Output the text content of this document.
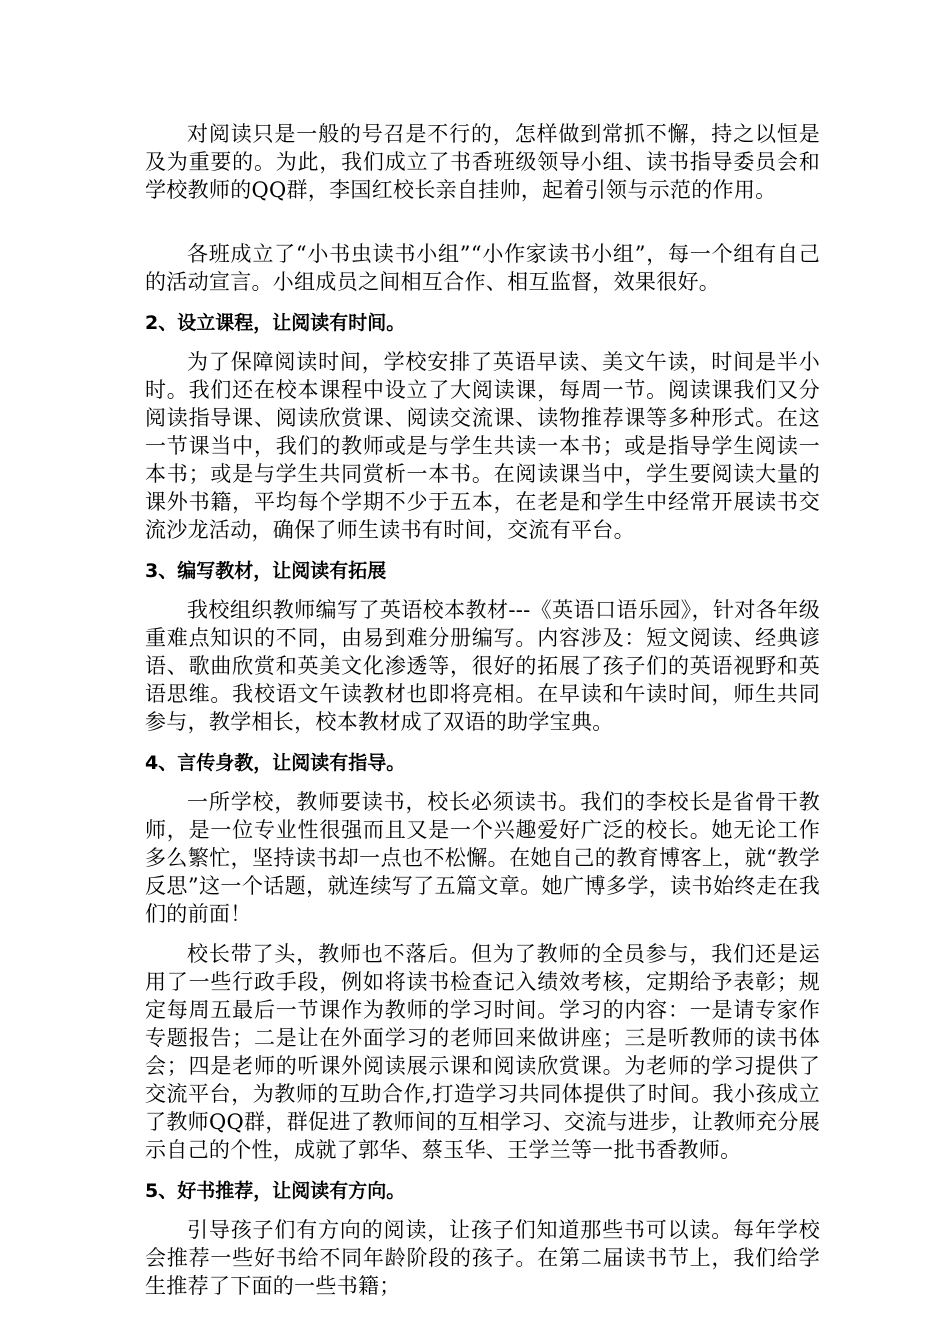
对阅读只是一般的号召是不行的，怎样做到常抓不懈，持之以恒是及为重要的。为此，我们成立了书香班级领导小组、读书指导委员会和学校教师的QQ群，李国红校长亲自挂帅，起着引领与示范的作用。

各班成立了“小书虫读书小组”“小作家读书小组”，每一个组有自己的活动宣言。小组成员之间相互合作、相互监督，效果很好。

2、设立课程，让阅读有时间。

为了保障阅读时间，学校安排了英语早读、美文午读，时间是半小时。我们还在校本课程中设立了大阅读课，每周一节。阅读课我们又分阅读指导课、阅读欣赏课、阅读交流课、读物推荐课等多种形式。在这一节课当中，我们的教师或是与学生共读一本书；或是指导学生阅读一本书；或是与学生共同赏析一本书。在阅读课当中，学生要阅读大量的课外书籍，平均每个学期不少于五本，在老是和学生中经常开展读书交流沙龙活动，确保了师生读书有时间，交流有平台。

3、编写教材，让阅读有拓展

我校组织教师编写了英语校本教材---《英语口语乐园》，针对各年级重难点知识的不同，由易到难分册编写。内容涉及：短文阅读、经典谚语、歌曲欣赏和英美文化渗透等，很好的拓展了孩子们的英语视野和英语思维。我校语文午读教材也即将亮相。在早读和午读时间，师生共同参与，教学相长，校本教材成了双语的助学宝典。

4、言传身教，让阅读有指导。

一所学校，教师要读书，校长必须读书。我们的李校长是省骨干教师，是一位专业性很强而且又是一个兴趣爱好广泛的校长。她无论工作多么繁忙，坚持读书却一点也不松懈。在她自己的教育博客上，就“教学反思”这一个话题，就连续写了五篇文章。她广博多学，读书始终走在我们的前面！

校长带了头，教师也不落后。但为了教师的全员参与，我们还是运用了一些行政手段，例如将读书检查记入绩效考核，定期给予表彰；规定每周五最后一节课作为教师的学习时间。学习的内容：一是请专家作专题报告；二是让在外面学习的老师回来做讲座；三是听教师的读书体会；四是老师的听课外阅读展示课和阅读欣赏课。为老师的学习提供了交流平台，为教师的互助合作,打造学习共同体提供了时间。我小孩成立了教师QQ群，群促进了教师间的互相学习、交流与进步，让教师充分展示自己的个性，成就了郭华、蔡玉华、王学兰等一批书香教师。

5、好书推荐，让阅读有方向。

引导孩子们有方向的阅读，让孩子们知道那些书可以读。每年学校会推荐一些好书给不同年龄阶段的孩子。在第二届读书节上，我们给学生推荐了下面的一些书籍；
